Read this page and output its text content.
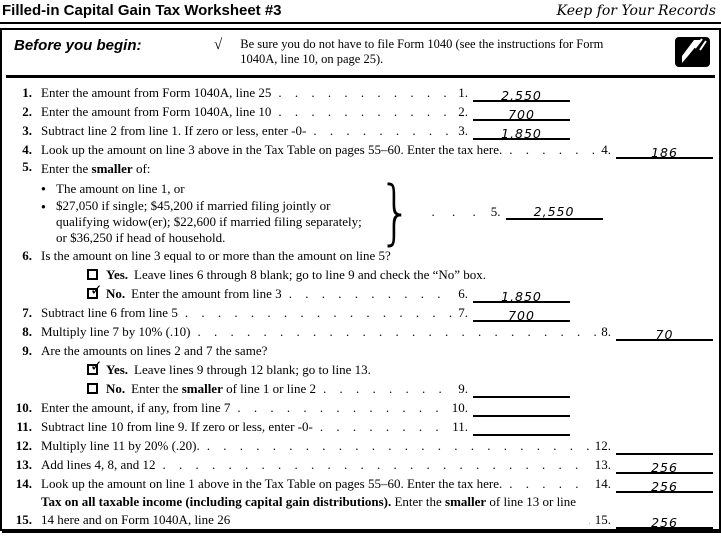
Filled-in Capital Gain Tax Worksheet #3	Keep for Your Records
Before you begin:	√ Be sure you do not have to file Form 1040 (see the instructions for Form 1040A, line 10, on page 25).
1. Enter the amount from Form 1040A, line 25 . . .	1.	2,550
2. Enter the amount from Form 1040A, line 10 . . .	2.	700
3. Subtract line 2 from line 1. If zero or less, enter -0- . . .	3.	1,850
4. Look up the amount on line 3 above in the Tax Table on pages 55–60. Enter the tax here. . . .	4.	186
5. Enter the smaller of:
● The amount on line 1, or
● $27,050 if single; $45,200 if married filing jointly or qualifying widow(er); $22,600 if married filing separately; or $36,250 if head of household.	} . .	5.	2,550
6. Is the amount on line 3 equal to or more than the amount on line 5?
Yes. Leave lines 6 through 8 blank; go to line 9 and check the “No” box.
✓
No. Enter the amount from line 3 . . .	6.	1,850
7. Subtract line 6 from line 5 . . .	7.	700
8. Multiply line 7 by 10% (.10) . . .	8.	70
9. Are the amounts on lines 2 and 7 the same?
✓
Yes. Leave lines 9 through 12 blank; go to line 13.
No. Enter the smaller of line 1 or line 2 . . .	9.
10. Enter the amount, if any, from line 7 . . .	10.
11. Subtract line 10 from line 9. If zero or less, enter -0- . . .	11.
12. Multiply line 11 by 20% (.20). . . .	12.
13. Add lines 4, 8, and 12 . . .	13.	256
14. Look up the amount on line 1 above in the Tax Table on pages 55–60. Enter the tax here. . . .	14.	256
15.
Tax on all taxable income (including capital gain distributions). Enter the smaller of line 13 or line 14 here and on Form 1040A, line 26 . . .	15.	256
